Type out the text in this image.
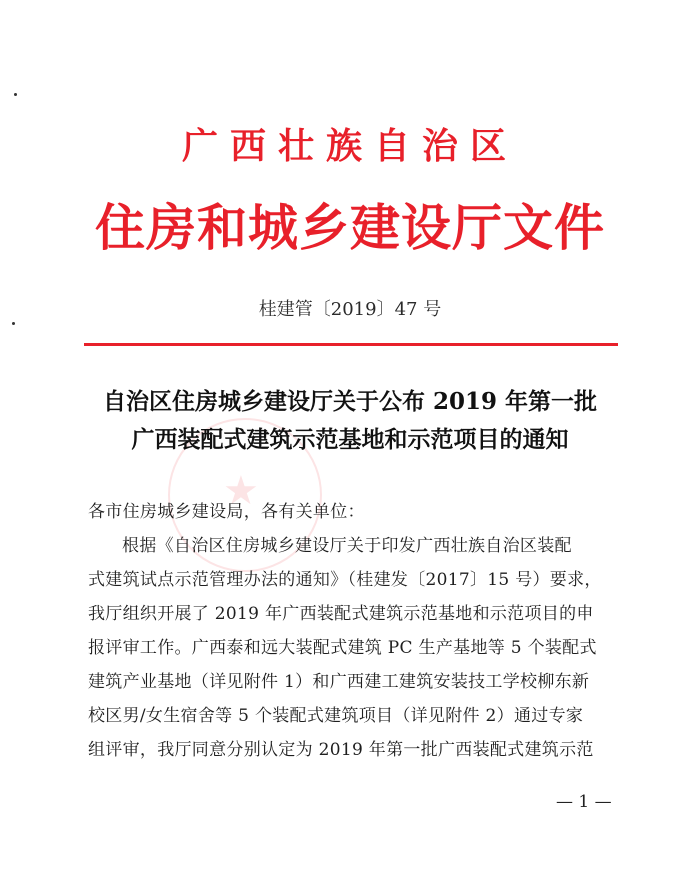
广西壮族自治区
住房和城乡建设厅文件
桂建管〔2019〕47 号
★
自治区住房城乡建设厅关于公布 2019 年第一批
广西装配式建筑示范基地和示范项目的通知
各市住房城乡建设局，各有关单位：
根据《自治区住房城乡建设厅关于印发广西壮族自治区装配
式建筑试点示范管理办法的通知》（桂建发〔2017〕15 号）要求，
我厅组织开展了 2019 年广西装配式建筑示范基地和示范项目的申
报评审工作。广西泰和远大装配式建筑 PC 生产基地等 5 个装配式
建筑产业基地（详见附件 1）和广西建工建筑安装技工学校柳东新
校区男/女生宿舍等 5 个装配式建筑项目（详见附件 2）通过专家
组评审，我厅同意分别认定为 2019 年第一批广西装配式建筑示范
— 1 —
